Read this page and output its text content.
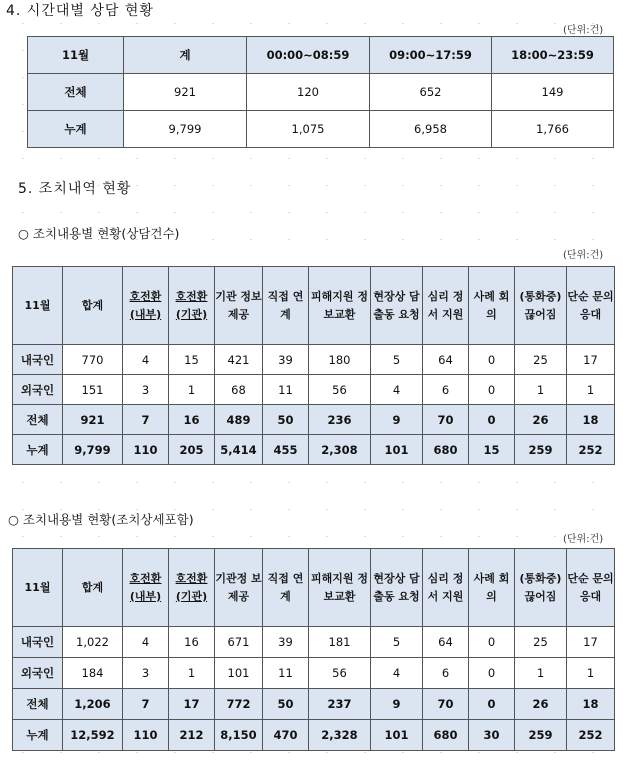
4. 시간대별 상담 현황
(단위:건)
11월	계	00:00~08:59	09:00~17:59	18:00~23:59
전체	921	120	652	149
누계	9,799	1,075	6,958	1,766
5. 조치내역 현황
○ 조치내용별 현황(상담건수)
(단위:건)
11월	합계	호전환 (내부)	호전환 (기관)	기관 정보 제공	직접 연계	피해지원 정보교환	현장상 담출동 요청	심리 정서 지원	사례 회의	(통화중) 끊어짐	단순 문의 응대
내국인	770	4	15	421	39	180	5	64	0	25	17
외국인	151	3	1	68	11	56	4	6	0	1	1
전체	921	7	16	489	50	236	9	70	0	26	18
누계	9,799	110	205	5,414	455	2,308	101	680	15	259	252
○ 조치내용별 현황(조치상세포함)
(단위:건)
11월	합계	호전환 (내부)	호전환 (기관)	기관정 보제공	직접 연계	피해지원 정보교환	현장상 담출동 요청	심리 정서 지원	사례 회의	(통화중) 끊어짐	단순 문의 응대
내국인	1,022	4	16	671	39	181	5	64	0	25	17
외국인	184	3	1	101	11	56	4	6	0	1	1
전체	1,206	7	17	772	50	237	9	70	0	26	18
누계	12,592	110	212	8,150	470	2,328	101	680	30	259	252
